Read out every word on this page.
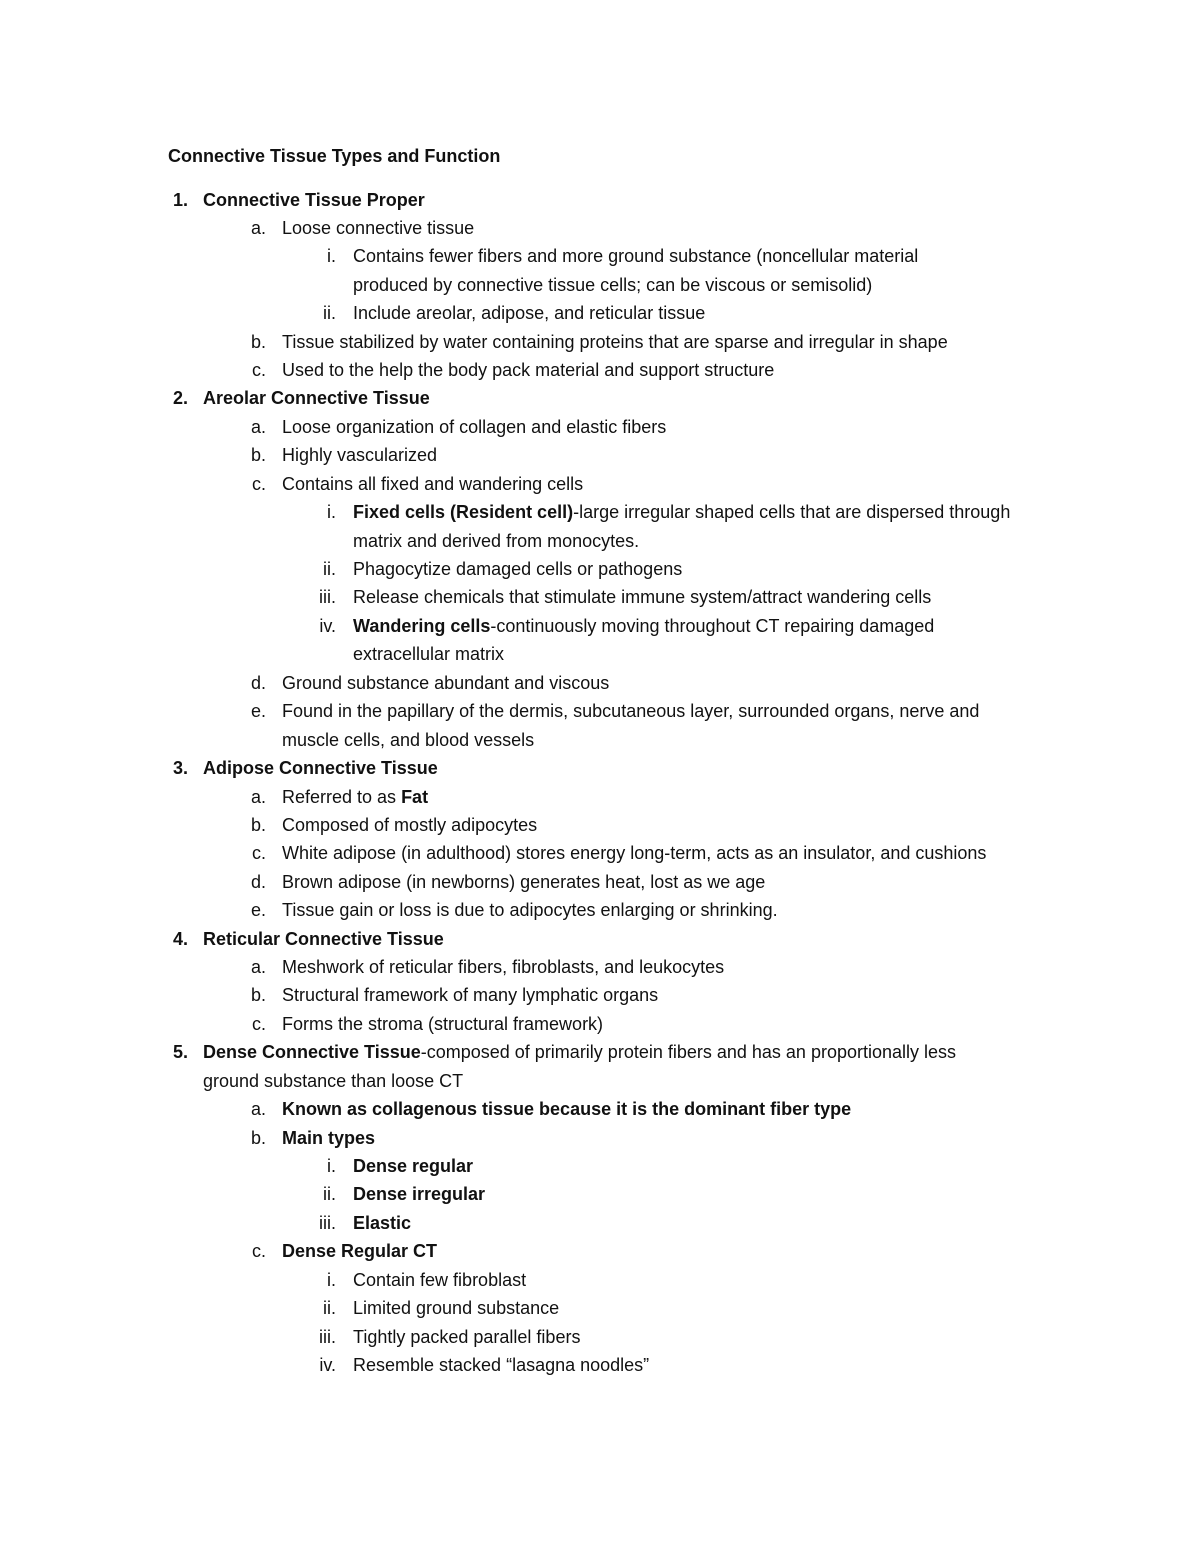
Connective Tissue Types and Function
1. Connective Tissue Proper
a. Loose connective tissue
i. Contains fewer fibers and more ground substance (noncellular material
produced by connective tissue cells; can be viscous or semisolid)
ii. Include areolar, adipose, and reticular tissue
b. Tissue stabilized by water containing proteins that are sparse and irregular in shape
c. Used to the help the body pack material and support structure
2. Areolar Connective Tissue
a. Loose organization of collagen and elastic fibers
b. Highly vascularized
c. Contains all fixed and wandering cells
i. Fixed cells (Resident cell)-large irregular shaped cells that are dispersed through
matrix and derived from monocytes.
ii. Phagocytize damaged cells or pathogens
iii. Release chemicals that stimulate immune system/attract wandering cells
iv. Wandering cells-continuously moving throughout CT repairing damaged
extracellular matrix
d. Ground substance abundant and viscous
e. Found in the papillary of the dermis, subcutaneous layer, surrounded organs, nerve and
muscle cells, and blood vessels
3. Adipose Connective Tissue
a. Referred to as Fat
b. Composed of mostly adipocytes
c. White adipose (in adulthood) stores energy long-term, acts as an insulator, and cushions
d. Brown adipose (in newborns) generates heat, lost as we age
e. Tissue gain or loss is due to adipocytes enlarging or shrinking.
4. Reticular Connective Tissue
a. Meshwork of reticular fibers, fibroblasts, and leukocytes
b. Structural framework of many lymphatic organs
c. Forms the stroma (structural framework)
5. Dense Connective Tissue-composed of primarily protein fibers and has an proportionally less
ground substance than loose CT
a. Known as collagenous tissue because it is the dominant fiber type
b. Main types
i. Dense regular
ii. Dense irregular
iii. Elastic
c. Dense Regular CT
i. Contain few fibroblast
ii. Limited ground substance
iii. Tightly packed parallel fibers
iv. Resemble stacked “lasagna noodles”
